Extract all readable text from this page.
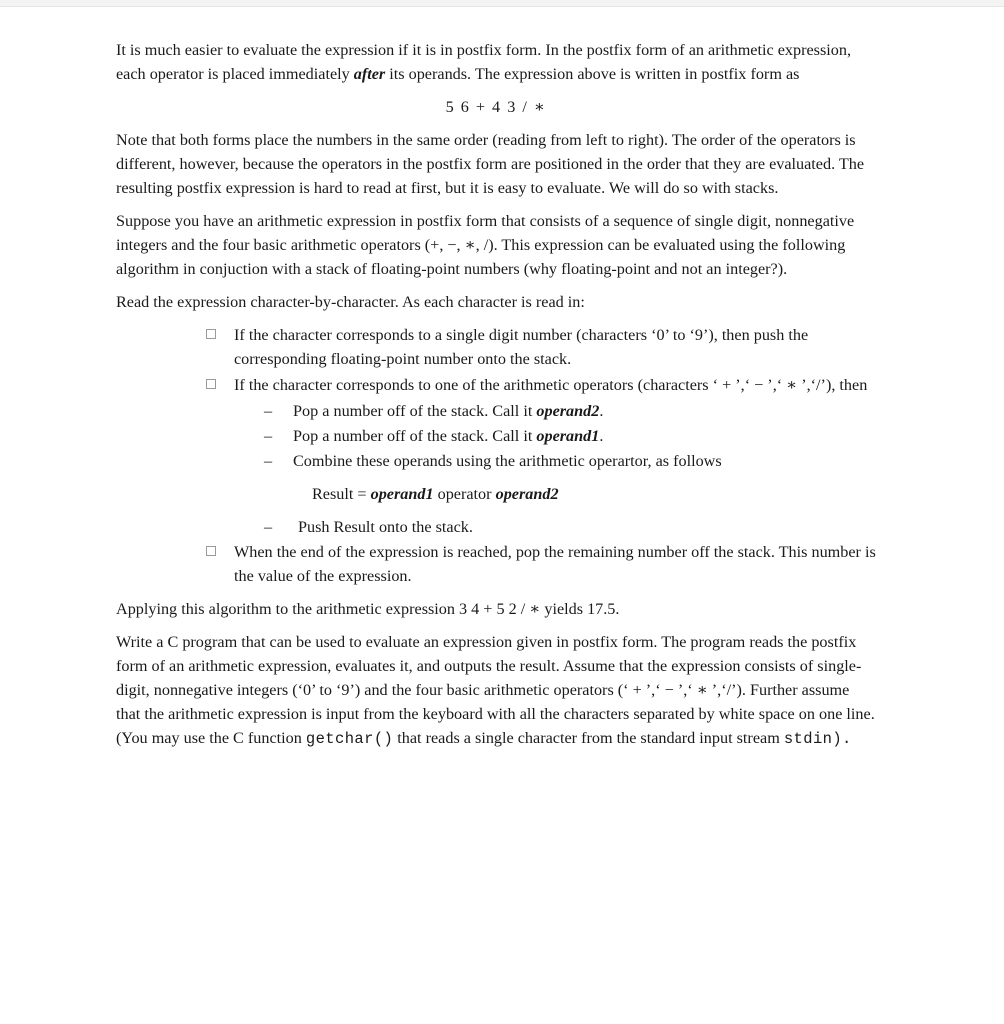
It is much easier to evaluate the expression if it is in postfix form. In the postfix form of an arithmetic expression, each operator is placed immediately after its operands. The expression above is written in postfix form as

5 6 + 4 3 / ∗

Note that both forms place the numbers in the same order (reading from left to right). The order of the operators is different, however, because the operators in the postfix form are positioned in the order that they are evaluated. The resulting postfix expression is hard to read at first, but it is easy to evaluate. We will do so with stacks.

Suppose you have an arithmetic expression in postfix form that consists of a sequence of single digit, nonnegative integers and the four basic arithmetic operators (+, −, ∗, /). This expression can be evaluated using the following algorithm in conjuction with a stack of floating-point numbers (why floating-point and not an integer?).

Read the expression character-by-character. As each character is read in:

If the character corresponds to a single digit number (characters ‘0’ to ‘9’), then push the corresponding floating-point number onto the stack.
If the character corresponds to one of the arithmetic operators (characters ‘ + ’,‘ − ’,‘ ∗ ’,‘/’), then
– Pop a number off of the stack. Call it operand2.
– Pop a number off of the stack. Call it operand1.
– Combine these operands using the arithmetic operartor, as follows
Result = operand1 operator operand2
– Push Result onto the stack.
When the end of the expression is reached, pop the remaining number off the stack. This number is the value of the expression.

Applying this algorithm to the arithmetic expression 3 4 + 5 2 / ∗ yields 17.5.

Write a C program that can be used to evaluate an expression given in postfix form. The program reads the postfix form of an arithmetic expression, evaluates it, and outputs the result. Assume that the expression consists of single-digit, nonnegative integers (‘0’ to ‘9’) and the four basic arithmetic operators (‘ + ’,‘ − ’,‘ ∗ ’,‘/’). Further assume that the arithmetic expression is input from the keyboard with all the characters separated by white space on one line. (You may use the C function getchar() that reads a single character from the standard input stream stdin).
